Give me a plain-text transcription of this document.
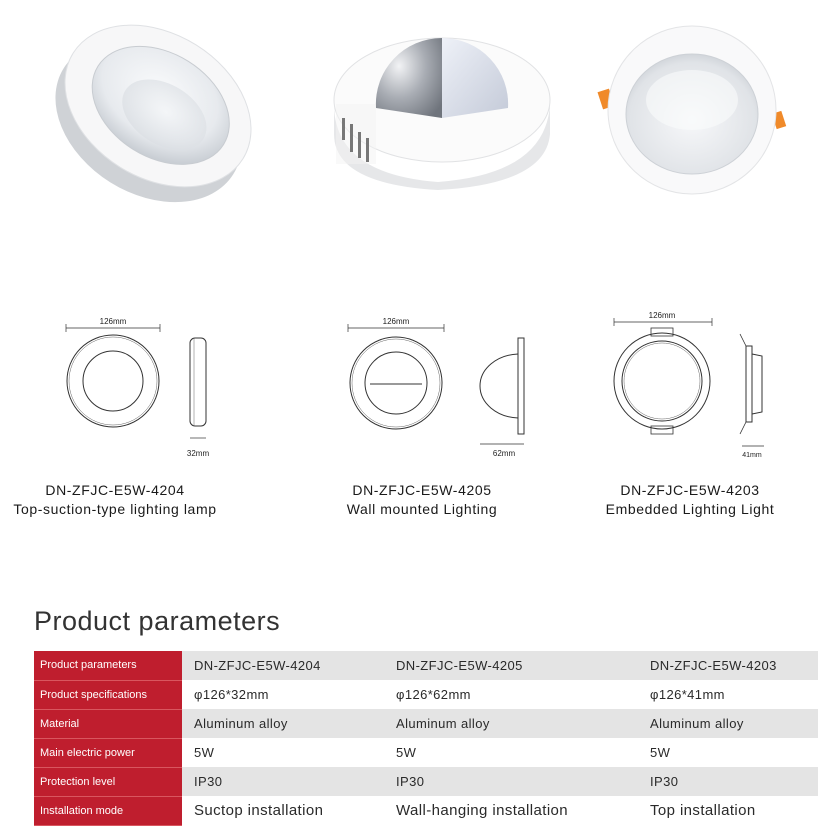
126mm
32mm
126mm
62mm
126mm
41mm
DN-ZFJC-E5W-4204
Top-suction-type lighting lamp
DN-ZFJC-E5W-4205
Wall mounted Lighting
DN-ZFJC-E5W-4203
Embedded Lighting Light
Product parameters
Product parameters	DN-ZFJC-E5W-4204	DN-ZFJC-E5W-4205	DN-ZFJC-E5W-4203
Product specifications	φ126*32mm	φ126*62mm	φ126*41mm
Material	Aluminum alloy	Aluminum alloy	Aluminum alloy
Main electric power	5W	5W	5W
Protection level	IP30	IP30	IP30
Installation mode	Suctop installation	Wall-hanging installation	Top installation
